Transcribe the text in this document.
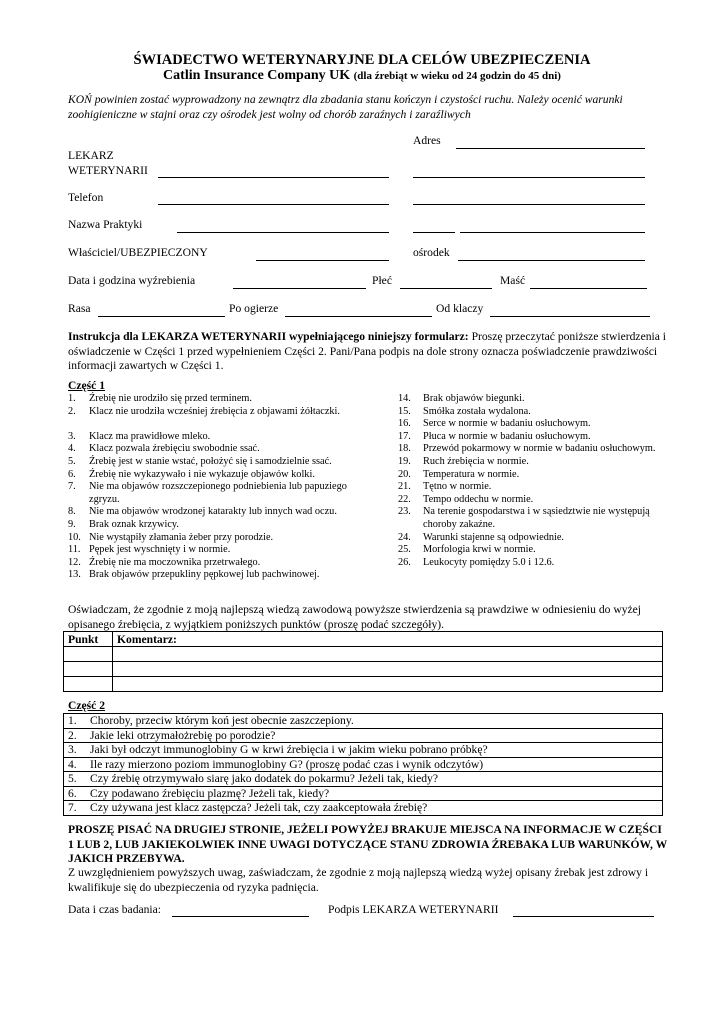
ŚWIADECTWO WETERYNARYJNE DLA CELÓW UBEZPIECZENIA
Catlin Insurance Company UK (dla źrebiąt w wieku od 24 godzin do 45 dni)
KOŃ powinien zostać wyprowadzony na zewnątrz dla zbadania stanu kończyn i czystości ruchu. Należy ocenić warunki zoohigieniczne w stajni oraz czy ośrodek jest wolny od chorób zaraźnych i zaraźliwych
Adres
LEKARZ
WETERYNARII
Telefon
Nazwa Praktyki
Właściciel/UBEZPIECZONY	ośrodek
Data i godzina wyźrebienia	Płeć	Maść
Rasa	Po ogierze	Od klaczy
Instrukcja dla LEKARZA WETERYNARII wypełniającego niniejszy formularz: Proszę przeczytać poniższe stwierdzenia i oświadczenie w Części 1 przed wypełnieniem Części 2. Pani/Pana podpis na dole strony oznacza poświadczenie prawdziwości informacji zawartych w Części 1.
Część 1
1. Źrebię nie urodziło się przed terminem.
2. Klacz nie urodziła wcześniej źrebięcia z objawami żółtaczki.
3. Klacz ma prawidłowe mleko.
4. Klacz pozwala źrebięciu swobodnie ssać.
5. Źrebię jest w stanie wstać, położyć się i samodzielnie ssać.
6. Źrebię nie wykazywało i nie wykazuje objawów kolki.
7. Nie ma objawów rozszczepionego podniebienia lub papuziego zgryzu.
8. Nie ma objawów wrodzonej katarakty lub innych wad oczu.
9. Brak oznak krzywicy.
10. Nie wystąpiły złamania żeber przy porodzie.
11. Pępek jest wyschnięty i w normie.
12. Źrebię nie ma moczownika przetrwałego.
13. Brak objawów przepukliny pępkowej lub pachwinowej.
14. Brak objawów biegunki.
15. Smółka została wydalona.
16. Serce w normie w badaniu osłuchowym.
17. Płuca w normie w badaniu osłuchowym.
18. Przewód pokarmowy w normie w badaniu osłuchowym.
19. Ruch źrebięcia w normie.
20. Temperatura w normie.
21. Tętno w normie.
22. Tempo oddechu w normie.
23. Na terenie gospodarstwa i w sąsiedztwie nie występują choroby zakaźne.
24. Warunki stajenne są odpowiednie.
25. Morfologia krwi w normie.
26. Leukocyty pomiędzy 5.0 i 12.6.
Oświadczam, że zgodnie z moją najlepszą wiedzą zawodową powyższe stwierdzenia są prawdziwe w odniesieniu do wyżej opisanego źrebięcia, z wyjątkiem poniższych punktów (proszę podać szczegóły).
Punkt	Komentarz:

Część 2
1. Choroby, przeciw którym koń jest obecnie zaszczepiony.
2. Jakie leki otrzymałożrebię po porodzie?
3. Jaki był odczyt immunoglobiny G w krwi źrebięcia i w jakim wieku pobrano próbkę?
4. Ile razy mierzono poziom immunoglobiny G? (proszę podać czas i wynik odczytów)
5. Czy źrebię otrzymywało siarę jako dodatek do pokarmu? Jeżeli tak, kiedy?
6. Czy podawano źrebięciu plazmę? Jeżeli tak, kiedy?
7. Czy używana jest klacz zastępcza? Jeżeli tak, czy zaakceptowała źrebię?
PROSZĘ PISAĆ NA DRUGIEJ STRONIE, JEŻELI POWYŻEJ BRAKUJE MIEJSCA NA INFORMACJE W CZĘŚCI 1 LUB 2, LUB JAKIEKOLWIEK INNE UWAGI DOTYCZĄCE STANU ZDROWIA ŹREBAKA LUB WARUNKÓW, W JAKICH PRZEBYWA.
Z uwzględnieniem powyższych uwag, zaświadczam, że zgodnie z moją najlepszą wiedzą wyżej opisany źrebak jest zdrowy i kwalifikuje się do ubezpieczenia od ryzyka padnięcia.
Data i czas badania:	Podpis LEKARZA WETERYNARII
